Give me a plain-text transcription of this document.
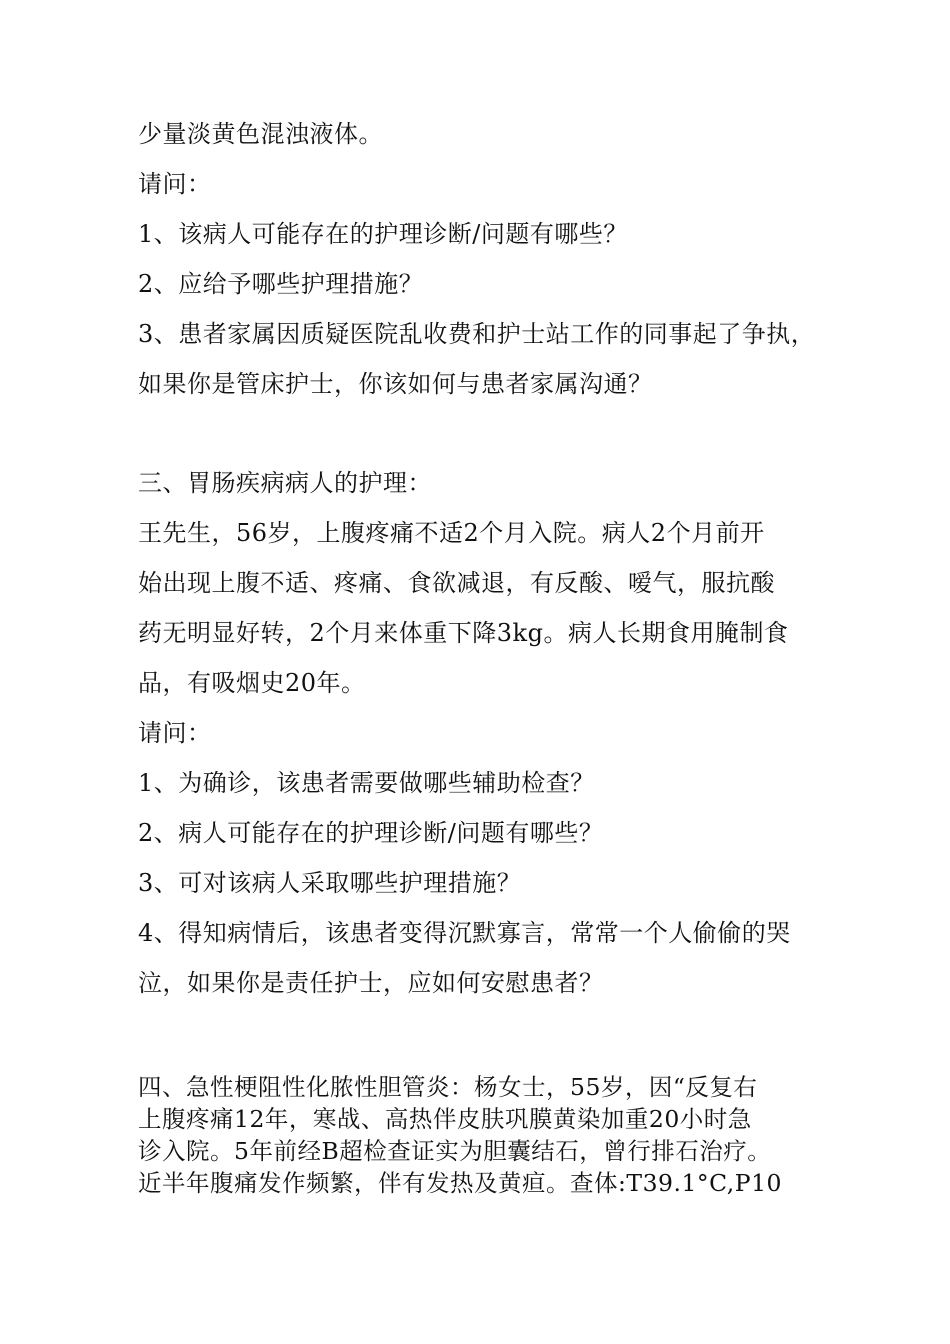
少量淡黄色混浊液体。

请问：

1、该病人可能存在的护理诊断/问题有哪些？

2、应给予哪些护理措施？

3、患者家属因质疑医院乱收费和护士站工作的同事起了争执，

如果你是管床护士，你该如何与患者家属沟通？

三、胃肠疾病病人的护理：

王先生，56岁，上腹疼痛不适2个月入院。病人2个月前开

始出现上腹不适、疼痛、食欲减退，有反酸、嗳气，服抗酸

药无明显好转，2个月来体重下降3kg。病人长期食用腌制食

品，有吸烟史20年。

请问：

1、为确诊，该患者需要做哪些辅助检查？

2、病人可能存在的护理诊断/问题有哪些？

3、可对该病人采取哪些护理措施？

4、得知病情后，该患者变得沉默寡言，常常一个人偷偷的哭

泣，如果你是责任护士，应如何安慰患者？

四、急性梗阻性化脓性胆管炎：杨女士，55岁，因“反复右

上腹疼痛12年，寒战、高热伴皮肤巩膜黄染加重20小时急

诊入院。5年前经B超检查证实为胆囊结石，曾行排石治疗。

近半年腹痛发作频繁，伴有发热及黄疸。查体:T39.1°C,P10
